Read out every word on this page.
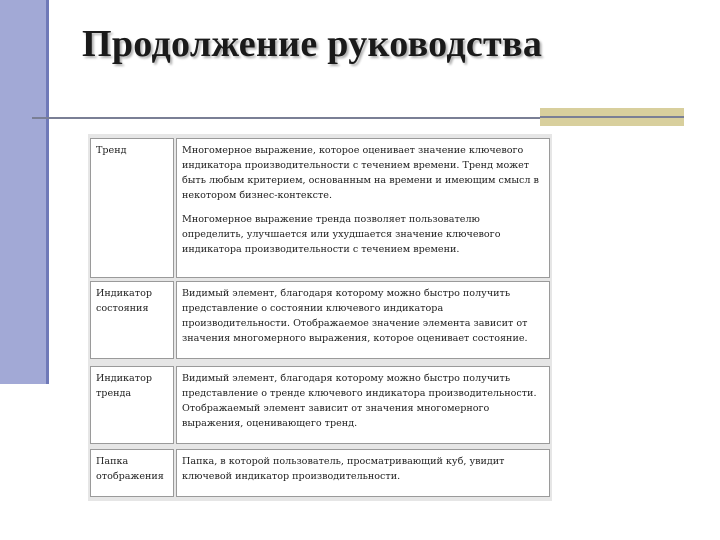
Продолжение руководства
Тренд	Многомерное выражение, которое оценивает значение ключевого индикатора производительности с течением времени. Тренд может быть любым критерием, основанным на времени и имеющим смысл в некотором бизнес-контексте.

Многомерное выражение тренда позволяет пользователю определить, улучшается или ухудшается значение ключевого индикатора производительности с течением времени.

Индикатор состояния

Видимый элемент, благодаря которому можно быстро получить представление о состоянии ключевого индикатора производительности. Отображаемое значение элемента зависит от значения многомерного выражения, которое оценивает состояние.

Индикатор тренда

Видимый элемент, благодаря которому можно быстро получить представление о тренде ключевого индикатора производительности. Отображаемый элемент зависит от значения многомерного выражения, оценивающего тренд.

Папка отображения

Папка, в которой пользователь, просматривающий куб, увидит ключевой индикатор производительности.
